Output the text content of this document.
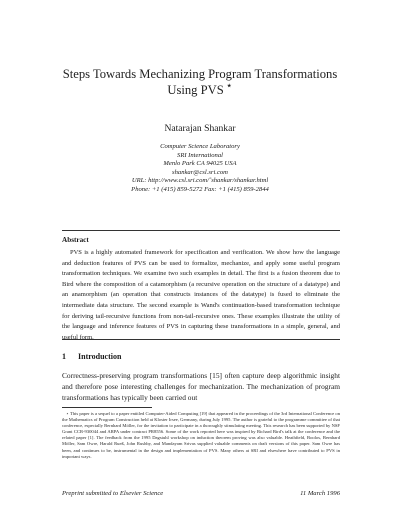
Steps Towards Mechanizing Program Transformations
Using PVS ⋆
Natarajan Shankar
Computer Science Laboratory
SRI International
Menlo Park CA 94025 USA
shankar@csl.sri.com
URL: http://www.csl.sri.com/˜shankar/shankar.html
Phone: +1 (415) 859-5272 Fax: +1 (415) 859-2844
Abstract
PVS is a highly automated framework for specification and verification. We show how the language and deduction features of PVS can be used to formalize, mechanize, and apply some useful program transformation techniques. We examine two such examples in detail. The first is a fusion theorem due to Bird where the composition of a catamorphism (a recursive operation on the structure of a datatype) and an anamorphism (an operation that constructs instances of the datatype) is fused to eliminate the intermediate data structure. The second example is Wand's continuation-based transformation technique for deriving tail-recursive functions from non-tail-recursive ones. These examples illustrate the utility of the language and inference features of PVS in capturing these transformations in a simple, general, and useful form.
1 Introduction
Correctness-preserving program transformations [15] often capture deep algorithmic insight and therefore pose interesting challenges for mechanization. The mechanization of program transformations has typically been carried out
⋆ This paper is a sequel to a paper entitled Computer-Aided Computing [19] that appeared in the proceedings of the 3rd International Conference on the Mathematics of Program Construction held at Kloster Irsee, Germany, during July 1995. The author is grateful to the programme committee of that conference, especially Bernhard Möller, for the invitation to participate in a thoroughly stimulating meeting. This research has been supported by NSF Grant CCR-930044 and ARPA under contract PR8556. Some of the work reported here was inspired by Richard Bird's talk at the conference and the related paper [1]. The feedback from the 1995 Dagstuhl workshop on induction theorem proving was also valuable. Heathfield, Boolos, Bernhard Möller, Sam Owre, Harald Rueß, John Rushby, and Mandayam Srivas supplied valuable comments on draft versions of this paper. Sam Owre has been, and continues to be, instrumental in the design and implementation of PVS. Many others at SRI and elsewhere have contributed to PVS in important ways.
Preprint submitted to Elsevier Science	11 March 1996
